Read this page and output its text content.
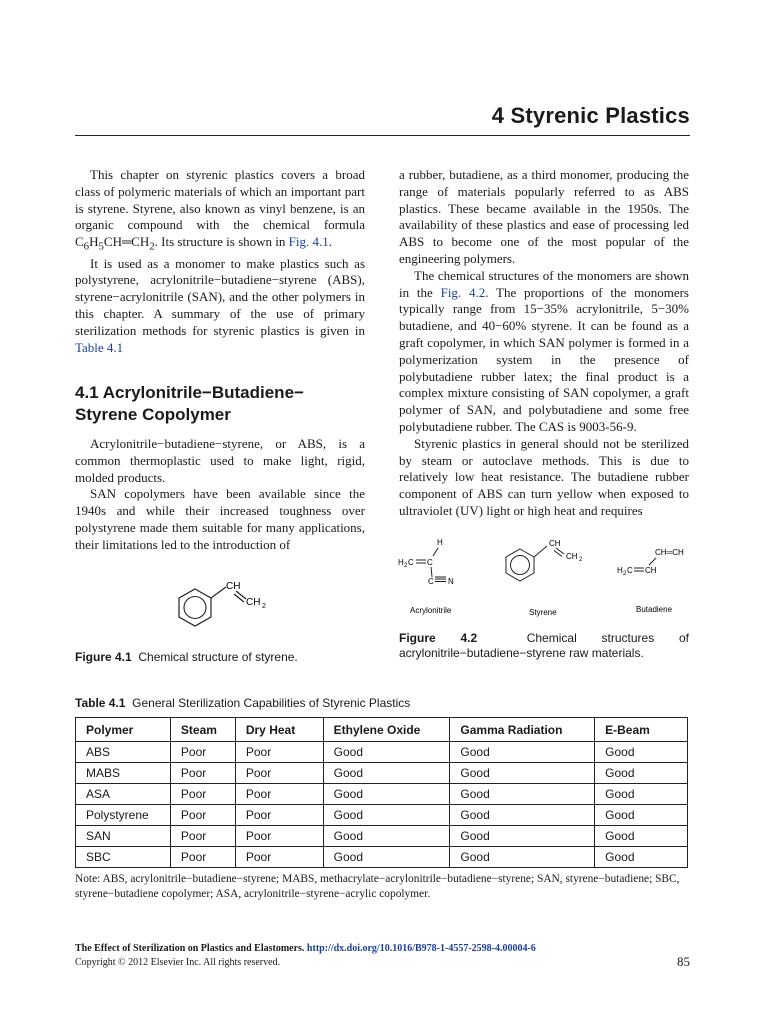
4 Styrenic Plastics

This chapter on styrenic plastics covers a broad class of polymeric materials of which an important part is styrene. Styrene, also known as vinyl benzene, is an organic compound with the chemical formula $C_6H_5CH═CH_2$. Its structure is shown in Fig. 4.1.

It is used as a monomer to make plastics such as polystyrene, acrylonitrile−butadiene−styrene (ABS), styrene−acrylonitrile (SAN), and the other polymers in this chapter. A summary of the use of primary sterilization methods for styrenic plastics is given in Table 4.1

4.1 Acrylonitrile−Butadiene−
Styrene Copolymer

Acrylonitrile−butadiene−styrene, or ABS, is a common thermoplastic used to make light, rigid, molded products.

SAN copolymers have been available since the 1940s and while their increased toughness over polystyrene made them suitable for many applications, their limitations led to the introduction of

CH
CH 2
Figure 4.1 Chemical structure of styrene.

a rubber, butadiene, as a third monomer, producing the range of materials popularly referred to as ABS plastics. These became available in the 1950s. The availability of these plastics and ease of processing led ABS to become one of the most popular of the engineering polymers.

The chemical structures of the monomers are shown in the Fig. 4.2. The proportions of the monomers typically range from 15−35% acrylonitrile, 5−30% butadiene, and 40−60% styrene. It can be found as a graft copolymer, in which SAN polymer is formed in a polymerization system in the presence of polybutadiene rubber latex; the final product is a complex mixture consisting of SAN copolymer, a graft polymer of SAN, and polybutadiene and some free polybutadiene rubber. The CAS is 9003-56-9.

Styrenic plastics in general should not be sterilized by steam or autoclave methods. This is due to relatively low heat resistance. The butadiene rubber component of ABS can turn yellow when exposed to ultraviolet (UV) light or high heat and requires

H
H 2 C C
C N
Acrylonitrile
CH
CH 2
Styrene
CH═CH
H 2 C CH
Butadiene
Figure 4.2	Chemical structures of acrylonitrile−butadiene−styrene raw materials.
Table 4.1 General Sterilization Capabilities of Styrenic Plastics
Polymer	Steam	Dry Heat	Ethylene Oxide	Gamma Radiation	E-Beam
ABS	Poor	Poor	Good	Good	Good
MABS	Poor	Poor	Good	Good	Good
ASA	Poor	Poor	Good	Good	Good
Polystyrene	Poor	Poor	Good	Good	Good
SAN	Poor	Poor	Good	Good	Good
SBC	Poor	Poor	Good	Good	Good
Note: ABS, acrylonitrile−butadiene−styrene; MABS, methacrylate−acrylonitrile−butadiene−styrene; SAN, styrene−butadiene; SBC, styrene−butadiene copolymer; ASA, acrylonitrile−styrene−acrylic copolymer.
The Effect of Sterilization on Plastics and Elastomers. http://dx.doi.org/10.1016/B978-1-4557-2598-4.00004-6
Copyright © 2012 Elsevier Inc. All rights reserved.	85
